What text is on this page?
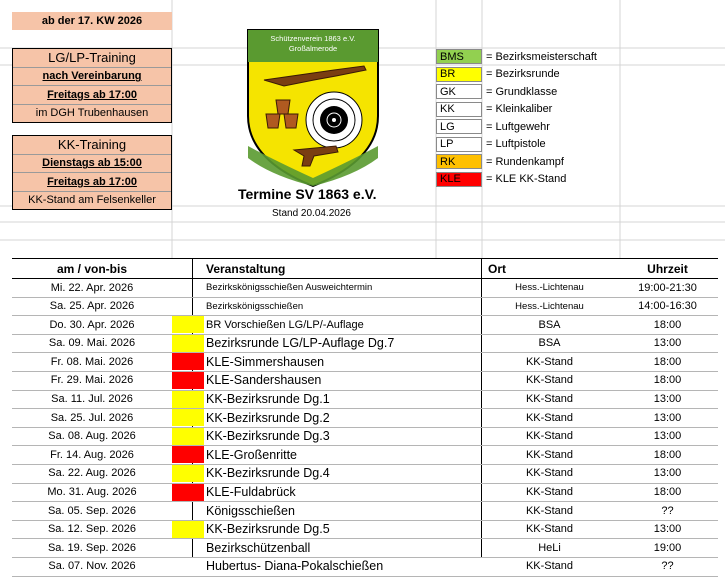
ab der 17. KW 2026
LG/LP-Training
nach Vereinbarung
Freitags ab 17:00
im DGH Trubenhausen
KK-Training
Dienstags ab 15:00
Freitags ab 17:00
KK-Stand am Felsenkeller
Schützenverein 1863 e.V.
Großalmerode
Termine SV 1863 e.V.
Stand 20.04.2026
BMS	= Bezirksmeisterschaft
BR	= Bezirksrunde
GK	= Grundklasse
KK	= Kleinkaliber
LG	= Luftgewehr
LP	= Luftpistole
RK	= Rundenkampf
KLE	= KLE KK-Stand
am / von-bis	Veranstaltung	Ort	Uhrzeit
Mi. 22. Apr. 2026	Bezirkskönigsschießen Ausweichtermin	Hess.-Lichtenau	19:00-21:30
Sa. 25. Apr. 2026	Bezirkskönigsschießen	Hess.-Lichtenau	14:00-16:30
Do. 30. Apr. 2026	BR Vorschießen LG/LP/-Auflage	BSA	18:00
Sa. 09. Mai. 2026	Bezirksrunde LG/LP-Auflage Dg.7	BSA	13:00
Fr. 08. Mai. 2026	KLE-Simmershausen	KK-Stand	18:00
Fr. 29. Mai. 2026	KLE-Sandershausen	KK-Stand	18:00
Sa. 11. Jul. 2026	KK-Bezirksrunde Dg.1	KK-Stand	13:00
Sa. 25. Jul. 2026	KK-Bezirksrunde Dg.2	KK-Stand	13:00
Sa. 08. Aug. 2026	KK-Bezirksrunde Dg.3	KK-Stand	13:00
Fr. 14. Aug. 2026	KLE-Großenritte	KK-Stand	18:00
Sa. 22. Aug. 2026	KK-Bezirksrunde Dg.4	KK-Stand	13:00
Mo. 31. Aug. 2026	KLE-Fuldabrück	KK-Stand	18:00
Sa. 05. Sep. 2026	Königsschießen	KK-Stand	??
Sa. 12. Sep. 2026	KK-Bezirksrunde Dg.5	KK-Stand	13:00
Sa. 19. Sep. 2026	Bezirkschützenball	HeLi	19:00
Sa. 07. Nov. 2026	Hubertus- Diana-Pokalschießen	KK-Stand	??
